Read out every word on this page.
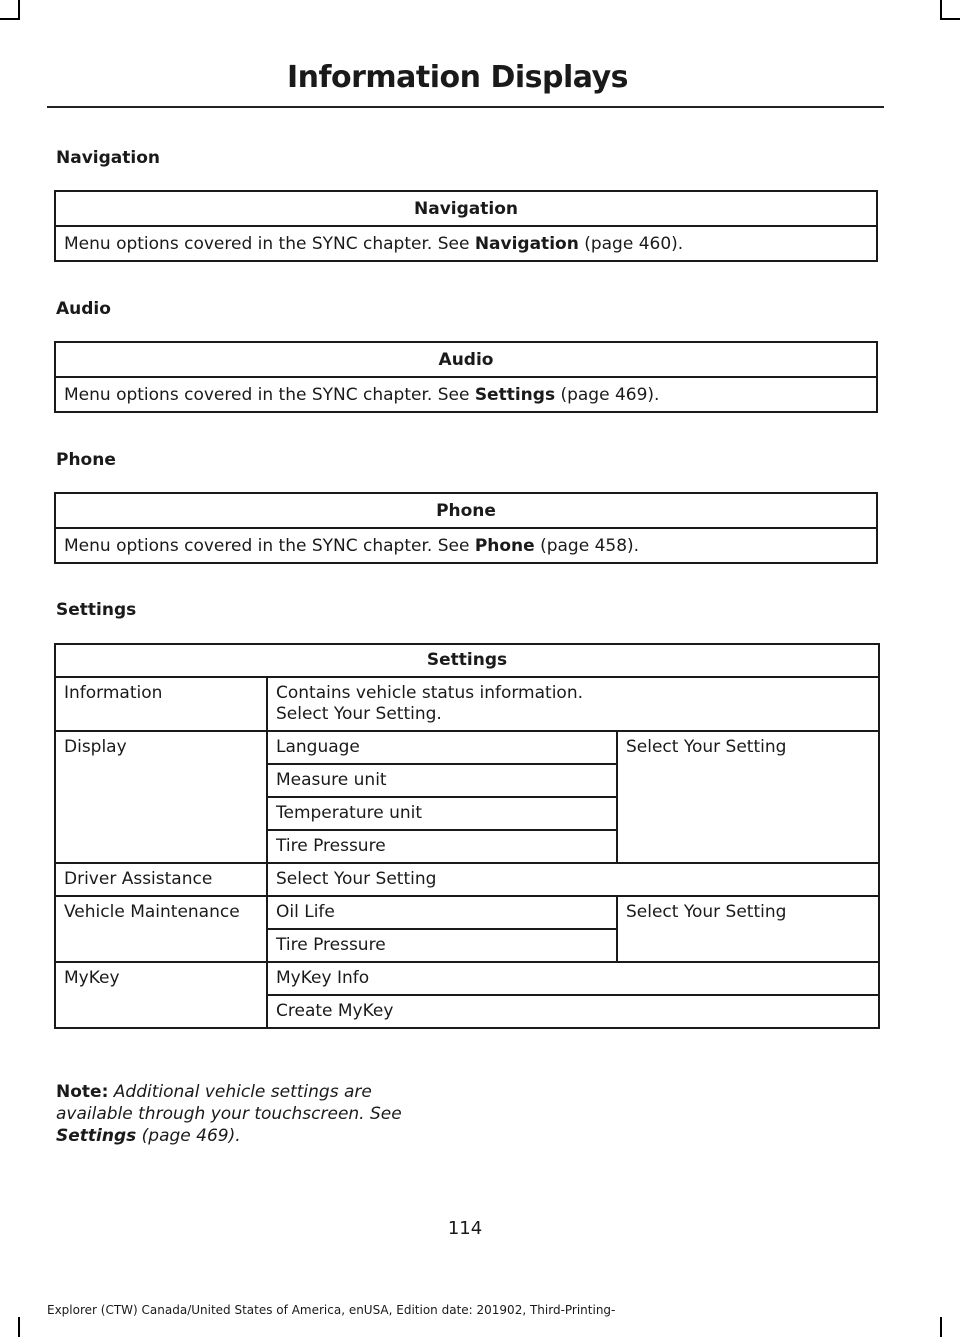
Information Displays
Navigation
Navigation
Menu options covered in the SYNC chapter. See Navigation (page 460).
Audio
Audio
Menu options covered in the SYNC chapter. See Settings (page 469).
Phone
Phone
Menu options covered in the SYNC chapter. See Phone (page 458).
Settings
Settings		
Information	Contains vehicle status information.
Select Your Setting.	

Display	Language	Select Your Setting
	Measure unit	
	Temperature unit	
	Tire Pressure	
Driver Assistance	Select Your Setting	
Vehicle Maintenance	Oil Life	Select Your Setting
	Tire Pressure	
MyKey	MyKey Info	
	Create MyKey	
Note: Additional vehicle settings are available through your touchscreen. See Settings (page 469).
114
Explorer (CTW) Canada/United States of America, enUSA, Edition date: 201902, Third-Printing-
